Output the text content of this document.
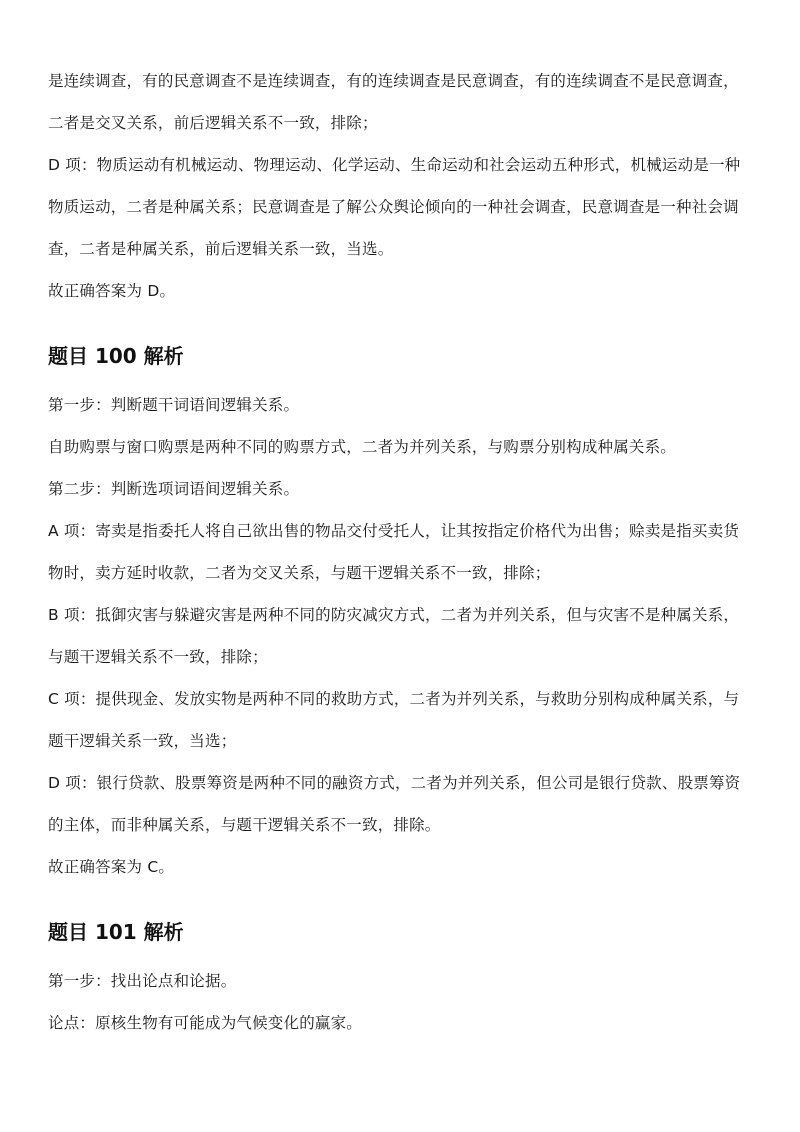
是连续调查，有的民意调查不是连续调查，有的连续调查是民意调查，有的连续调查不是民意调查，二者是交叉关系，前后逻辑关系不一致，排除；

D 项：物质运动有机械运动、物理运动、化学运动、生命运动和社会运动五种形式，机械运动是一种物质运动，二者是种属关系；民意调查是了解公众舆论倾向的一种社会调查，民意调查是一种社会调查，二者是种属关系，前后逻辑关系一致，当选。

故正确答案为 D。

题目 100 解析

第一步：判断题干词语间逻辑关系。

自助购票与窗口购票是两种不同的购票方式，二者为并列关系，与购票分别构成种属关系。

第二步：判断选项词语间逻辑关系。

A 项：寄卖是指委托人将自己欲出售的物品交付受托人，让其按指定价格代为出售；赊卖是指买卖货物时，卖方延时收款，二者为交叉关系，与题干逻辑关系不一致，排除；

B 项：抵御灾害与躲避灾害是两种不同的防灾减灾方式，二者为并列关系，但与灾害不是种属关系，与题干逻辑关系不一致，排除；

C 项：提供现金、发放实物是两种不同的救助方式，二者为并列关系，与救助分别构成种属关系，与题干逻辑关系一致，当选；

D 项：银行贷款、股票筹资是两种不同的融资方式，二者为并列关系，但公司是银行贷款、股票筹资的主体，而非种属关系，与题干逻辑关系不一致，排除。

故正确答案为 C。

题目 101 解析

第一步：找出论点和论据。

论点：原核生物有可能成为气候变化的赢家。
